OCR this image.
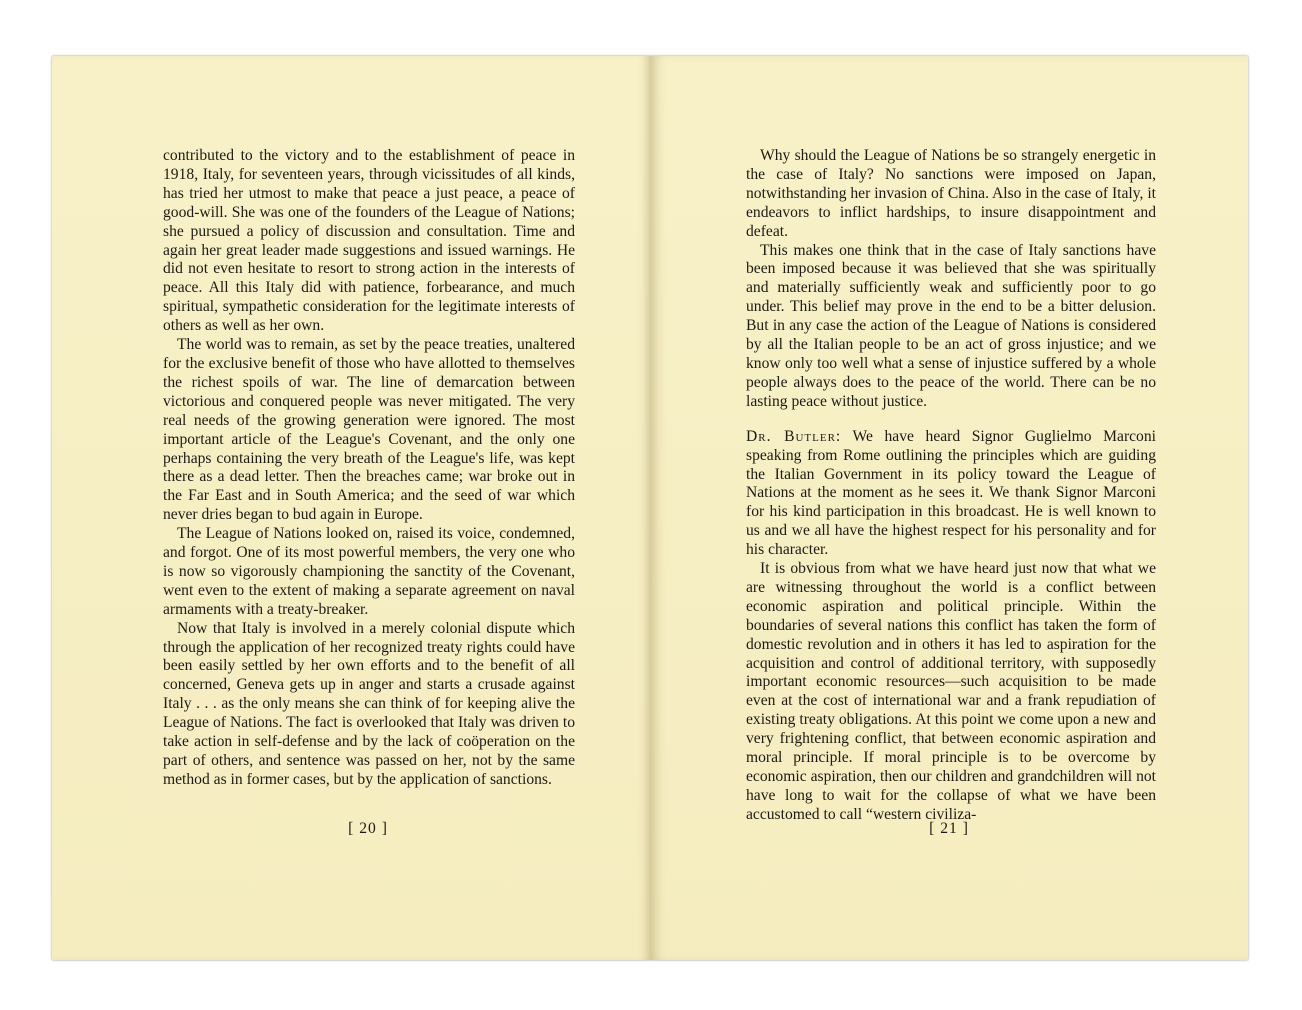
contributed to the victory and to the establishment of peace in 1918, Italy, for seventeen years, through vicissitudes of all kinds, has tried her utmost to make that peace a just peace, a peace of good-will. She was one of the founders of the League of Nations; she pursued a policy of discussion and consultation. Time and again her great leader made suggestions and issued warnings. He did not even hesitate to resort to strong action in the interests of peace. All this Italy did with patience, forbearance, and much spiritual, sympathetic consideration for the legitimate interests of others as well as her own.

The world was to remain, as set by the peace treaties, unaltered for the exclusive benefit of those who have allotted to themselves the richest spoils of war. The line of demarcation between victorious and conquered people was never mitigated. The very real needs of the growing generation were ignored. The most important article of the League's Covenant, and the only one perhaps containing the very breath of the League's life, was kept there as a dead letter. Then the breaches came; war broke out in the Far East and in South America; and the seed of war which never dries began to bud again in Europe.

The League of Nations looked on, raised its voice, condemned, and forgot. One of its most powerful members, the very one who is now so vigorously championing the sanctity of the Covenant, went even to the extent of making a separate agreement on naval armaments with a treaty-breaker.

Now that Italy is involved in a merely colonial dispute which through the application of her recognized treaty rights could have been easily settled by her own efforts and to the benefit of all concerned, Geneva gets up in anger and starts a crusade against Italy . . . as the only means she can think of for keeping alive the League of Nations. The fact is overlooked that Italy was driven to take action in self-defense and by the lack of coöperation on the part of others, and sentence was passed on her, not by the same method as in former cases, but by the application of sanctions.

[ 20 ]

Why should the League of Nations be so strangely energetic in the case of Italy? No sanctions were imposed on Japan, notwithstanding her invasion of China. Also in the case of Italy, it endeavors to inflict hardships, to insure disappointment and defeat.

This makes one think that in the case of Italy sanctions have been imposed because it was believed that she was spiritually and materially sufficiently weak and sufficiently poor to go under. This belief may prove in the end to be a bitter delusion. But in any case the action of the League of Nations is considered by all the Italian people to be an act of gross injustice; and we know only too well what a sense of injustice suffered by a whole people always does to the peace of the world. There can be no lasting peace without justice.

Dr. Butler: We have heard Signor Guglielmo Marconi speaking from Rome outlining the principles which are guiding the Italian Government in its policy toward the League of Nations at the moment as he sees it. We thank Signor Marconi for his kind participation in this broadcast. He is well known to us and we all have the highest respect for his personality and for his character.

It is obvious from what we have heard just now that what we are witnessing throughout the world is a conflict between economic aspiration and political principle. Within the boundaries of several nations this conflict has taken the form of domestic revolution and in others it has led to aspiration for the acquisition and control of additional territory, with supposedly important economic resources—such acquisition to be made even at the cost of international war and a frank repudiation of existing treaty obligations. At this point we come upon a new and very frightening conflict, that between economic aspiration and moral principle. If moral principle is to be overcome by economic aspiration, then our children and grandchildren will not have long to wait for the collapse of what we have been accustomed to call “western civiliza-

[ 21 ]
